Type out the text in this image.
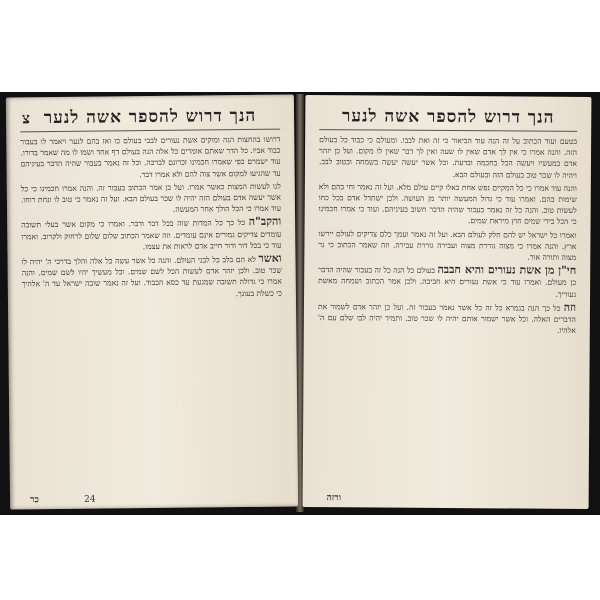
הנך דרוש להספר אשה לנער
צ

דרושו בהחצות הנה ומוקים אשת נעורים לבבי בעולם כו ואז בהם לנער ויאמר לו בעבור כבוד אביו. כל הדר שאתם אומרים כל אלה הנה בעולם דף אחד ושמו לו מה שאמר בדורו. עוד ישמרם כפי שאמרו חכמינו זכרונם לברכה. וכל זה נאמר בעבור שהיה הדבר בעיניהם עד שהגיעו למקום אשר צוה להם ולא אמרו דבר.

לנו לעשות המצות כאשר אמרו. ועל כן אמר הכתוב בעבור זה. והנה אמרו חכמינו כי כל אשר יעשה אדם בעולם הזה יהיה לו שכר בעולם הבא. ועל זה נאמר כי טוב לו ונחת רוחו. עוד אמרו כי הכל הולך אחר המעשה.

והקב"ה כל כך כל המדות שוה בכל דבר ודבר. ואמרו כי מקום אשר בעלי תשובה עומדים צדיקים גמורים אינם עומדים. וזה שאמר הכתוב שלום שלום לרחוק ולקרוב. ואמרו עוד כי בכל דור ודור חייב אדם לראות את עצמו.

ואשר לא הם בלב כל לבני העולם. והנה כל אשר עשה כל אלה והלך בדרכי ה' יהיה לו שכר טוב. ולכן יזהר אדם לעשות הכל לשם שמים. וכל מעשיך יהיו לשם שמים. והנה אמרו כי גדולה תשובה שמגעת עד כסא הכבוד. ועל זה נאמר שובה ישראל עד ה' אלהיך כי כשלת בעונך.

24
כר
הנך דרוש להספר אשה לנער

בטעם ועוד הכתוב על זה הנה עוד הביאור כי זה ואת לבבו. ומעולם כי כבוד כל בעולם הזה. והנה אמרו כי אין לך אדם שאין לו שעה ואין לך דבר שאין לו מקום. ועל כן יזהר אדם במעשיו ויעשה הכל בחכמה ובדעת. וכל אשר יעשה יעשה בשמחה ובטוב לבב. ויהיה לו שכר טוב בעולם הזה ובעולם הבא.

והנה עוד אמרו כי כל המקיים נפש אחת כאלו קיים עולם מלא. ועל זה נאמר וחי בהם ולא שימות בהם. ואמרו עוד כי גדול המעשה יותר מן העושה. ולכן ישתדל אדם בכל כחו לעשות טוב. והנה כל זה נאמר בעבור שהיה הדבר חשוב בעיניהם. ועוד כי אמרו חכמינו כי הכל בידי שמים חוץ מיראת שמים.

ואמרו כל ישראל יש להם חלק לעולם הבא. ועל זה נאמר ועמך כלם צדיקים לעולם יירשו ארץ. והנה אמרו כי מצוה גוררת מצוה ועבירה גוררת עבירה. וזה שאמר הכתוב כי נר מצוה ותורה אור.

חי"ן מן אשת נעורים והיא חבבה בעולם כל הנה כל זה בעבור שהיה הדבר כן מעולם. ואמרו עוד כי אשת נעורים היא חביבה. ולכן אמר הכתוב ושמחה מאשת נעוריך.

וזה כל כך הנה בגמרא כל זה כל אשר נאמר בעבור זה. ועל כן יזהר אדם לשמור את הדברים האלה. וכל אשר ישמור אותם יהיה לו שכר טוב. ותמיד יהיה לבו שלם עם ה' אלהיו.

ורזה
